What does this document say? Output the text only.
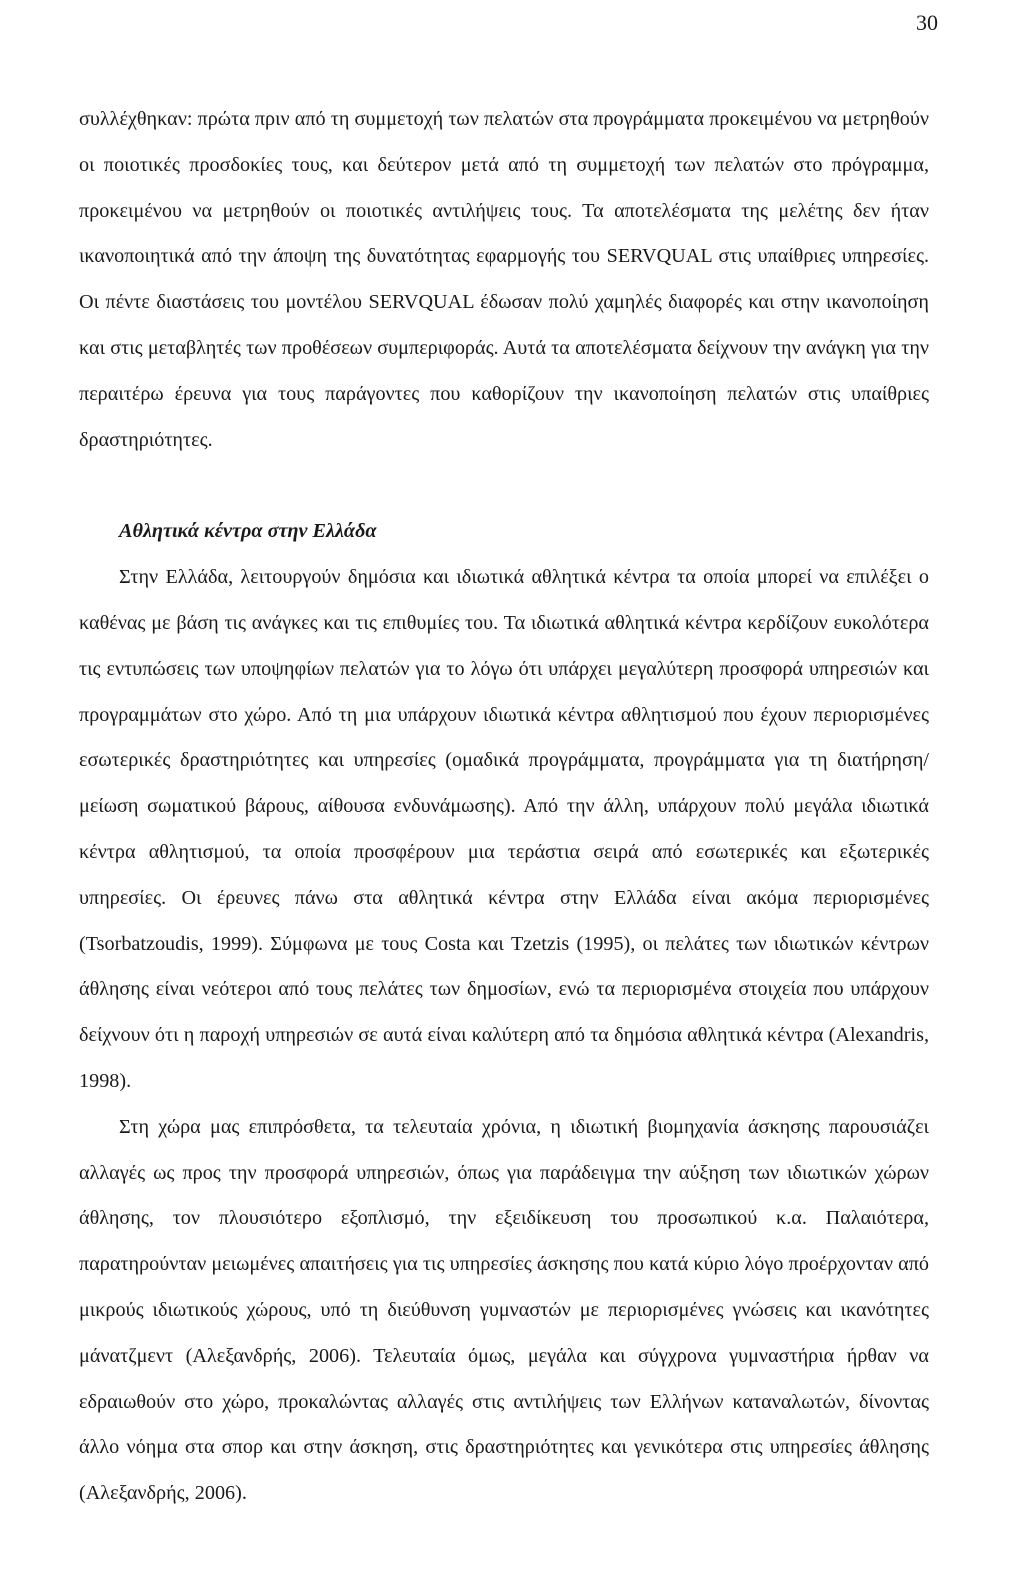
30

συλλέχθηκαν: πρώτα πριν από τη συμμετοχή των πελατών στα προγράμματα προκειμένου να μετρηθούν οι ποιοτικές προσδοκίες τους, και δεύτερον μετά από τη συμμετοχή των πελατών στο πρόγραμμα, προκειμένου να μετρηθούν οι ποιοτικές αντιλήψεις τους. Τα αποτελέσματα της μελέτης δεν ήταν ικανοποιητικά από την άποψη της δυνατότητας εφαρμογής του SERVQUAL στις υπαίθριες υπηρεσίες. Οι πέντε διαστάσεις του μοντέλου SERVQUAL έδωσαν πολύ χαμηλές διαφορές και στην ικανοποίηση και στις μεταβλητές των προθέσεων συμπεριφοράς. Αυτά τα αποτελέσματα δείχνουν την ανάγκη για την περαιτέρω έρευνα για τους παράγοντες που καθορίζουν την ικανοποίηση πελατών στις υπαίθριες δραστηριότητες.

Αθλητικά κέντρα στην Ελλάδα

Στην Ελλάδα, λειτουργούν δημόσια και ιδιωτικά αθλητικά κέντρα τα οποία μπορεί να επιλέξει ο καθένας με βάση τις ανάγκες και τις επιθυμίες του. Τα ιδιωτικά αθλητικά κέντρα κερδίζουν ευκολότερα τις εντυπώσεις των υποψηφίων πελατών για το λόγω ότι υπάρχει μεγαλύτερη προσφορά υπηρεσιών και προγραμμάτων στο χώρο. Από τη μια υπάρχουν ιδιωτικά κέντρα αθλητισμού που έχουν περιορισμένες εσωτερικές δραστηριότητες και υπηρεσίες (ομαδικά προγράμματα, προγράμματα για τη διατήρηση/μείωση σωματικού βάρους, αίθουσα ενδυνάμωσης). Από την άλλη, υπάρχουν πολύ μεγάλα ιδιωτικά κέντρα αθλητισμού, τα οποία προσφέρουν μια τεράστια σειρά από εσωτερικές και εξωτερικές υπηρεσίες. Οι έρευνες πάνω στα αθλητικά κέντρα στην Ελλάδα είναι ακόμα περιορισμένες (Tsorbatzoudis, 1999). Σύμφωνα με τους Costa και Tzetzis (1995), οι πελάτες των ιδιωτικών κέντρων άθλησης είναι νεότεροι από τους πελάτες των δημοσίων, ενώ τα περιορισμένα στοιχεία που υπάρχουν δείχνουν ότι η παροχή υπηρεσιών σε αυτά είναι καλύτερη από τα δημόσια αθλητικά κέντρα (Alexandris, 1998).

Στη χώρα μας επιπρόσθετα, τα τελευταία χρόνια, η ιδιωτική βιομηχανία άσκησης παρουσιάζει αλλαγές ως προς την προσφορά υπηρεσιών, όπως για παράδειγμα την αύξηση των ιδιωτικών χώρων άθλησης, τον πλουσιότερο εξοπλισμό, την εξειδίκευση του προσωπικού κ.α. Παλαιότερα, παρατηρούνταν μειωμένες απαιτήσεις για τις υπηρεσίες άσκησης που κατά κύριο λόγο προέρχονταν από μικρούς ιδιωτικούς χώρους, υπό τη διεύθυνση γυμναστών με περιορισμένες γνώσεις και ικανότητες μάνατζμεντ (Αλεξανδρής, 2006). Τελευταία όμως, μεγάλα και σύγχρονα γυμναστήρια ήρθαν να εδραιωθούν στο χώρο, προκαλώντας αλλαγές στις αντιλήψεις των Ελλήνων καταναλωτών, δίνοντας άλλο νόημα στα σπορ και στην άσκηση, στις δραστηριότητες και γενικότερα στις υπηρεσίες άθλησης (Αλεξανδρής, 2006).
